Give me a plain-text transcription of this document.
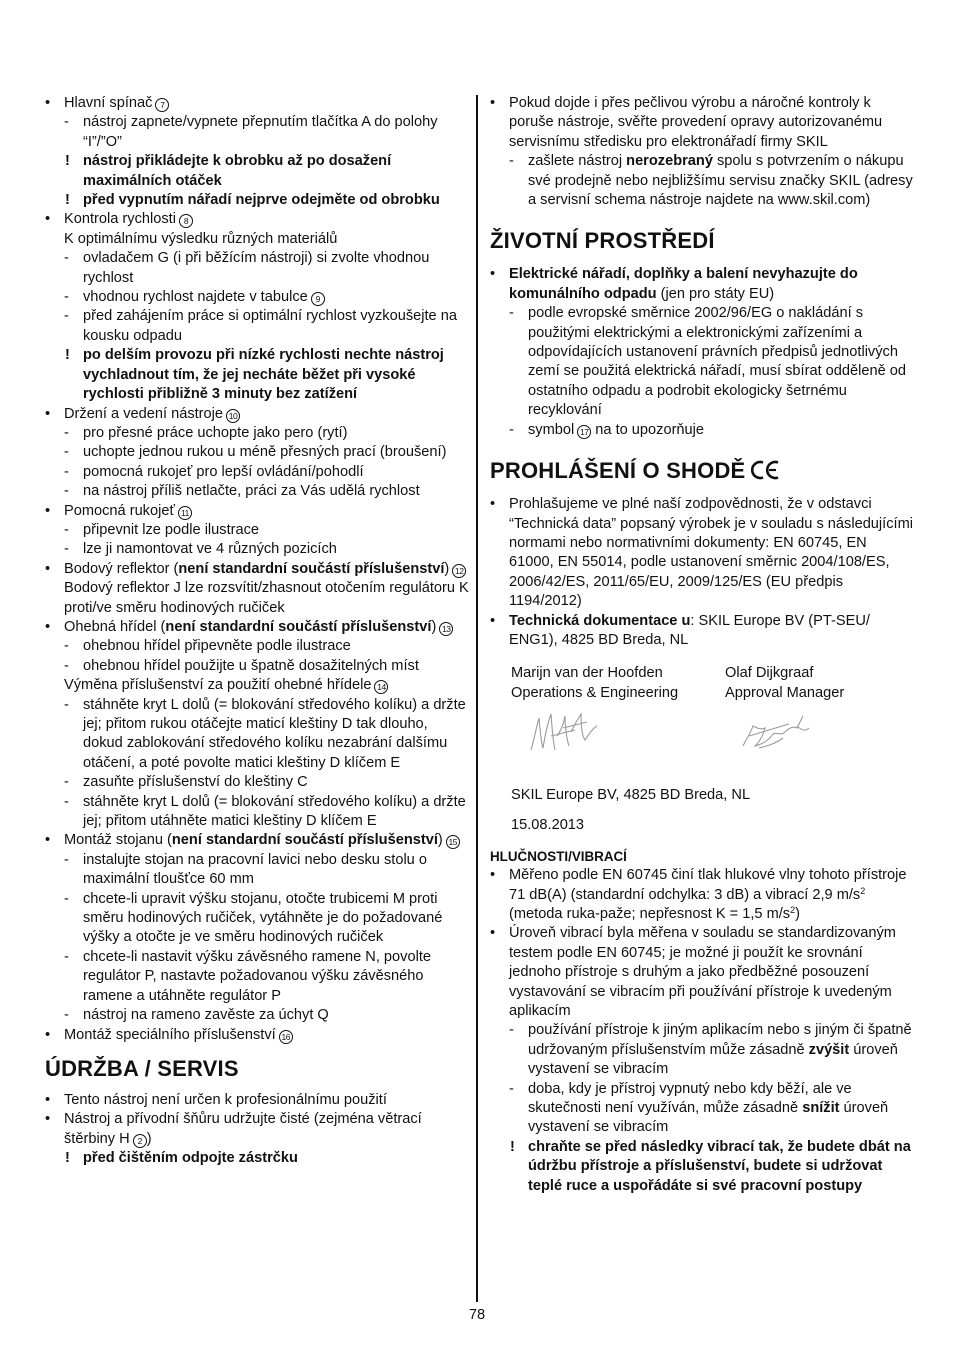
• Hlavní spínač 7
- nástroj zapnete/vypnete přepnutím tlačítka A do polohy “I”/”O”
! nástroj přikládejte k obrobku až po dosažení maximálních otáček
! před vypnutím nářadí nejprve odejměte od obrobku
• Kontrola rychlosti 8
K optimálnímu výsledku různých materiálů
- ovladačem G (i při běžícím nástroji) si zvolte vhodnou rychlost
- vhodnou rychlost najdete v tabulce 9
- před zahájením práce si optimální rychlost vyzkoušejte na kousku odpadu
! po delším provozu při nízké rychlosti nechte nástroj vychladnout tím, že jej necháte běžet při vysoké rychlosti přibližně 3 minuty bez zatížení
• Držení a vedení nástroje 10
- pro přesné práce uchopte jako pero (rytí)
- uchopte jednou rukou u méně přesných prací (broušení)
- pomocná rukojeť pro lepší ovládání/pohodlí
- na nástroj příliš netlačte, práci za Vás udělá rychlost
• Pomocná rukojeť 11
- připevnit lze podle ilustrace
- lze ji namontovat ve 4 různých pozicích
• Bodový reflektor (není standardní součástí příslušenství) 12
Bodový reflektor J lze rozsvítit/zhasnout otočením regulátoru K proti/ve směru hodinových ručiček
• Ohebná hřídel (není standardní součástí příslušenství) 13
- ohebnou hřídel připevněte podle ilustrace
- ohebnou hřídel použijte u špatně dosažitelných míst
Výměna příslušenství za použití ohebné hřídele 14
- stáhněte kryt L dolů (= blokování středového kolíku) a držte jej; přitom rukou otáčejte maticí kleštiny D tak dlouho, dokud zablokování středového kolíku nezabrání dalšímu otáčení, a poté povolte matici kleštiny D klíčem E
- zasuňte příslušenství do kleštiny C
- stáhněte kryt L dolů (= blokování středového kolíku) a držte jej; přitom utáhněte matici kleštiny D klíčem E
• Montáž stojanu (není standardní součástí příslušenství) 15
- instalujte stojan na pracovní lavici nebo desku stolu o maximální tloušťce 60 mm
- chcete-li upravit výšku stojanu, otočte trubicemi M proti směru hodinových ručiček, vytáhněte je do požadované výšky a otočte je ve směru hodinových ručiček
- chcete-li nastavit výšku závěsného ramene N, povolte regulátor P, nastavte požadovanou výšku závěsného ramene a utáhněte regulátor P
- nástroj na rameno zavěste za úchyt Q
• Montáž speciálního příslušenství 16
ÚDRŽBA / SERVIS
• Tento nástroj není určen k profesionálnímu použití
• Nástroj a přívodní šňůru udržujte čisté (zejména větrací štěrbiny H 2 )
! před čištěním odpojte zástrčku
• Pokud dojde i přes pečlivou výrobu a náročné kontroly k poruše nástroje, svěřte provedení opravy autorizovanému servisnímu středisku pro elektronářadí firmy SKIL
- zašlete nástroj nerozebraný spolu s potvrzením o nákupu své prodejně nebo nejbližšímu servisu značky SKIL (adresy a servisní schema nástroje najdete na www.skil.com)
ŽIVOTNÍ PROSTŘEDÍ
• Elektrické nářadí, doplňky a balení nevyhazujte do komunálního odpadu (jen pro státy EU)
- podle evropské směrnice 2002/96/EG o nakládání s použitými elektrickými a elektronickými zařízeními a odpovídajících ustanovení právních předpisů jednotlivých zemí se použitá elektrická nářadí, musí sbírat odděleně od ostatního odpadu a podrobit ekologicky šetrnému recyklování
- symbol 17 na to upozorňuje
PROHLÁŠENÍ O SHODĚ
• Prohlašujeme ve plné naší zodpovědnosti, že v odstavci “Technická data” popsaný výrobek je v souladu s následujícími normami nebo normativními dokumenty: EN 60745, EN 61000, EN 55014, podle ustanovení směrnic 2004/108/ES, 2006/42/ES, 2011/65/EU, 2009/125/ES (EU předpis 1194/2012)
• Technická dokumentace u: SKIL Europe BV (PT-SEU/ ENG1), 4825 BD Breda, NL
Marijn van der Hoofden
Operations & Engineering
Olaf Dijkgraaf
Approval Manager
SKIL Europe BV, 4825 BD Breda, NL
15.08.2013
HLUČNOSTI/VIBRACÍ
• Měřeno podle EN 60745 činí tlak hlukové vlny tohoto přístroje 71 dB(A) (standardní odchylka: 3 dB) a vibrací 2,9 $m/s^2$ (metoda ruka-paže; nepřesnost K = 1,5 $m/s^2$)
• Úroveň vibrací byla měřena v souladu se standardizovaným testem podle EN 60745; je možné ji použít ke srovnání jednoho přístroje s druhým a jako předběžné posouzení vystavování se vibracím při používání přístroje k uvedeným aplikacím
- používání přístroje k jiným aplikacím nebo s jiným či špatně udržovaným příslušenstvím může zásadně zvýšit úroveň vystavení se vibracím
- doba, kdy je přístroj vypnutý nebo kdy běží, ale ve skutečnosti není využíván, může zásadně snížit úroveň vystavení se vibracím
! chraňte se před následky vibrací tak, že budete dbát na údržbu přístroje a příslušenství, budete si udržovat teplé ruce a uspořádáte si své pracovní postupy
78
